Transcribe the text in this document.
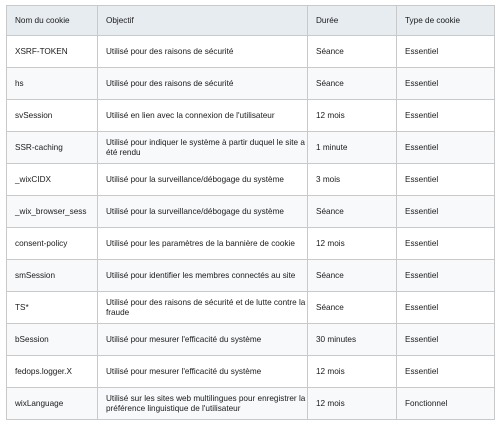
Nom du cookie	Objectif	Durée	Type de cookie
XSRF-TOKEN	Utilisé pour des raisons de sécurité	Séance	Essentiel
hs	Utilisé pour des raisons de sécurité	Séance	Essentiel
svSession	Utilisé en lien avec la connexion de l'utilisateur	12 mois	Essentiel
SSR-caching	Utilisé pour indiquer le système à partir duquel le site a été rendu	1 minute	Essentiel
_wixCIDX	Utilisé pour la surveillance/débogage du système	3 mois	Essentiel
_wix_browser_sess	Utilisé pour la surveillance/débogage du système	Séance	Essentiel
consent-policy	Utilisé pour les paramètres de la bannière de cookie	12 mois	Essentiel
smSession	Utilisé pour identifier les membres connectés au site	Séance	Essentiel
TS*	Utilisé pour des raisons de sécurité et de lutte contre la fraude	Séance	Essentiel
bSession	Utilisé pour mesurer l'efficacité du système	30 minutes	Essentiel
fedops.logger.X	Utilisé pour mesurer l'efficacité du système	12 mois	Essentiel
wixLanguage	Utilisé sur les sites web multilingues pour enregistrer la préférence linguistique de l'utilisateur	12 mois	Fonctionnel
